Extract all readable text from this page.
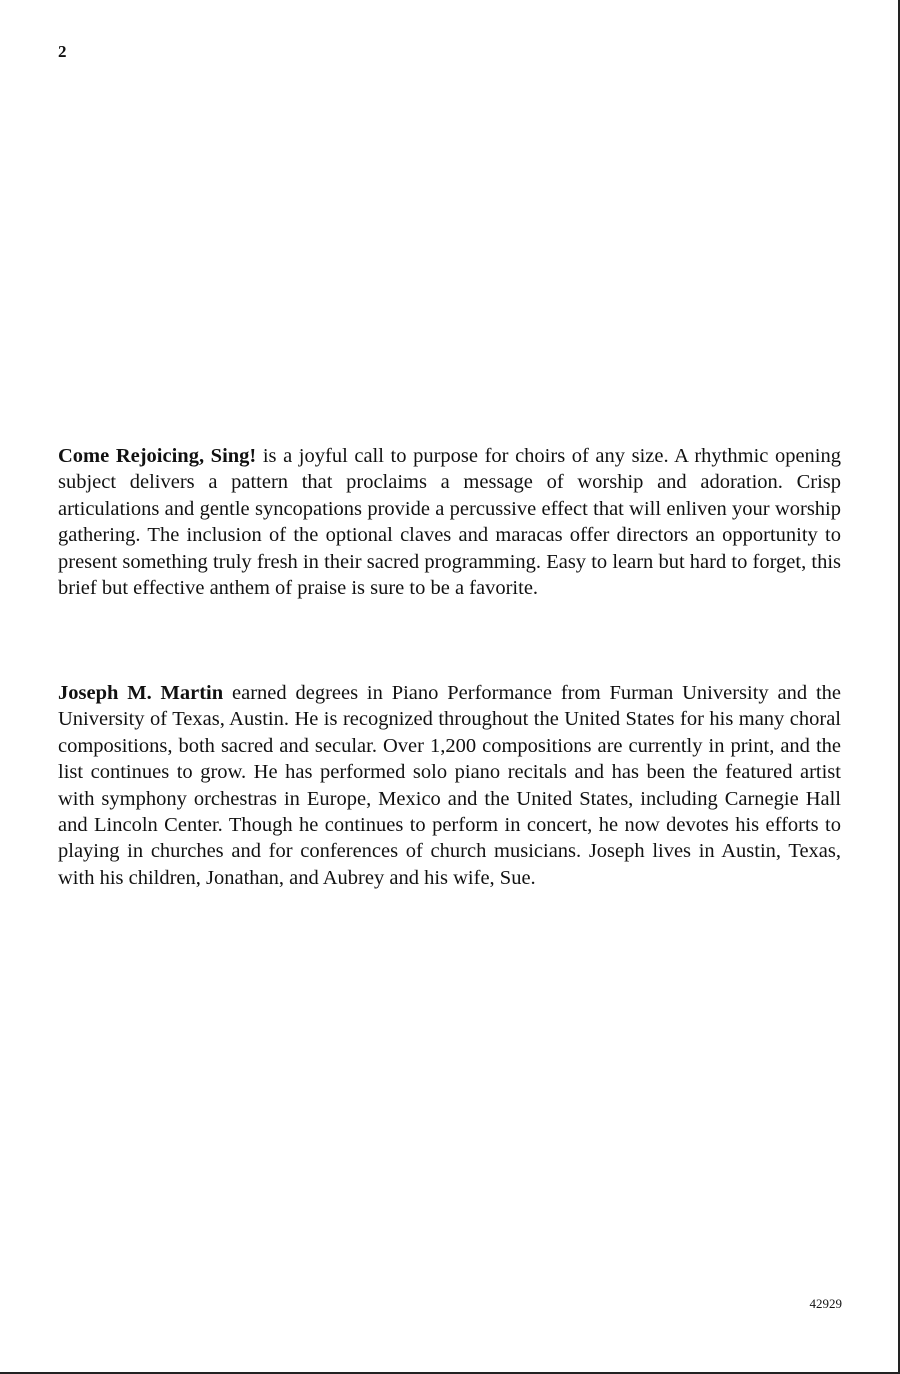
2

Come Rejoicing, Sing! is a joyful call to purpose for choirs of any size. A rhythmic opening subject delivers a pattern that proclaims a message of worship and adoration. Crisp articulations and gentle syncopations provide a percussive effect that will enliven your worship gathering. The inclusion of the optional claves and maracas offer directors an opportunity to present something truly fresh in their sacred programming. Easy to learn but hard to forget, this brief but effective anthem of praise is sure to be a favorite.

Joseph M. Martin earned degrees in Piano Performance from Furman University and the University of Texas, Austin. He is recognized throughout the United States for his many choral compositions, both sacred and secular. Over 1,200 compositions are currently in print, and the list continues to grow. He has performed solo piano recitals and has been the featured artist with symphony orchestras in Europe, Mexico and the United States, including Carnegie Hall and Lincoln Center. Though he continues to perform in concert, he now devotes his efforts to playing in churches and for conferences of church musicians. Joseph lives in Austin, Texas, with his children, Jonathan, and Aubrey and his wife, Sue.

42929
